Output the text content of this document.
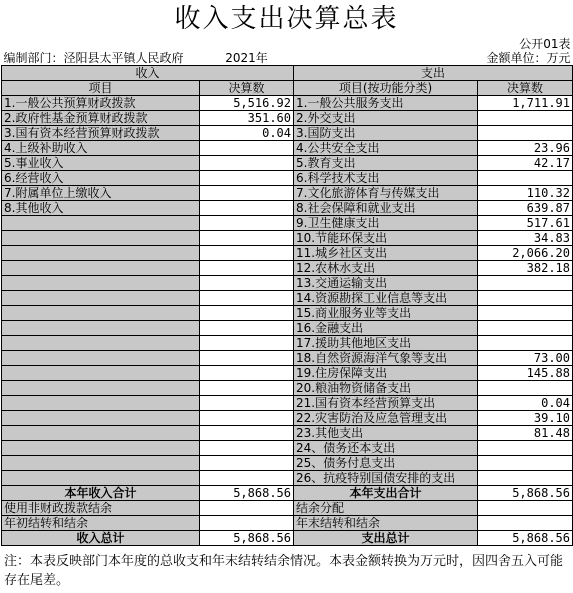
收入支出决算总表
			公开01表
编制部门：泾阳县太平镇人民政府	2021年		金额单位：万元
收入		支出	
项目	决算数	项目(按功能分类)	决算数
1.一般公共预算财政拨款	5,516.92	1.一般公共服务支出	1,711.91
2.政府性基金预算财政拨款	351.60	2.外交支出	
3.国有资本经营预算财政拨款	0.04	3.国防支出	
4.上级补助收入		4.公共安全支出	23.96
5.事业收入		5.教育支出	42.17
6.经营收入		6.科学技术支出	
7.附属单位上缴收入		7.文化旅游体育与传媒支出	110.32
8.其他收入		8.社会保障和就业支出	639.87
		9.卫生健康支出	517.61
		10.节能环保支出	34.83
		11.城乡社区支出	2,066.20
		12.农林水支出	382.18
		13.交通运输支出	
		14.资源勘探工业信息等支出	
		15.商业服务业等支出	
		16.金融支出	
		17.援助其他地区支出	
		18.自然资源海洋气象等支出	73.00
		19.住房保障支出	145.88
		20.粮油物资储备支出	
		21.国有资本经营预算支出	0.04
		22.灾害防治及应急管理支出	39.10
		23.其他支出	81.48
		24、债务还本支出	
		25、债务付息支出	
		26、抗疫特别国债安排的支出	
本年收入合计	5,868.56	本年支出合计	5,868.56
使用非财政拨款结余		结余分配	
年初结转和结余		年末结转和结余	
收入总计	5,868.56	支出总计	5,868.56
注：本表反映部门本年度的总收支和年末结转结余情况。本表金额转换为万元时，因四舍五入可能存在尾差。
